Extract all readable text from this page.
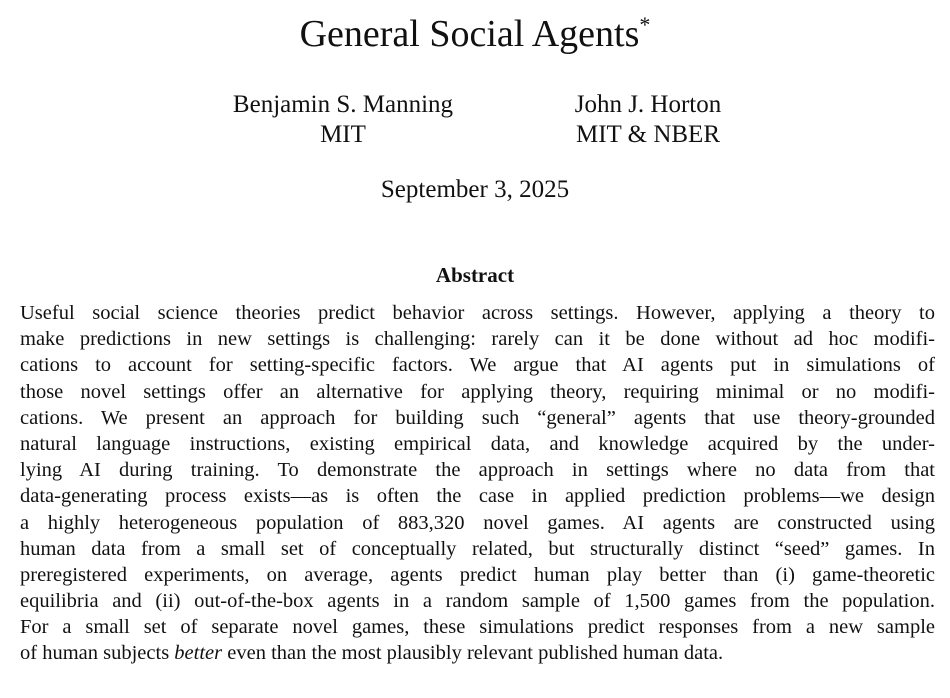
General Social Agents*
Benjamin S. Manning
MIT
John J. Horton
MIT & NBER
September 3, 2025
Abstract
Useful social science theories predict behavior across settings. However, applying a theory to
make predictions in new settings is challenging: rarely can it be done without ad hoc modifi-
cations to account for setting-specific factors. We argue that AI agents put in simulations of
those novel settings offer an alternative for applying theory, requiring minimal or no modifi-
cations. We present an approach for building such “general” agents that use theory-grounded
natural language instructions, existing empirical data, and knowledge acquired by the under-
lying AI during training. To demonstrate the approach in settings where no data from that
data-generating process exists—as is often the case in applied prediction problems—we design
a highly heterogeneous population of 883,320 novel games. AI agents are constructed using
human data from a small set of conceptually related, but structurally distinct “seed” games. In
preregistered experiments, on average, agents predict human play better than (i) game-theoretic
equilibria and (ii) out-of-the-box agents in a random sample of 1,500 games from the population.
For a small set of separate novel games, these simulations predict responses from a new sample
of human subjects better even than the most plausibly relevant published human data.
